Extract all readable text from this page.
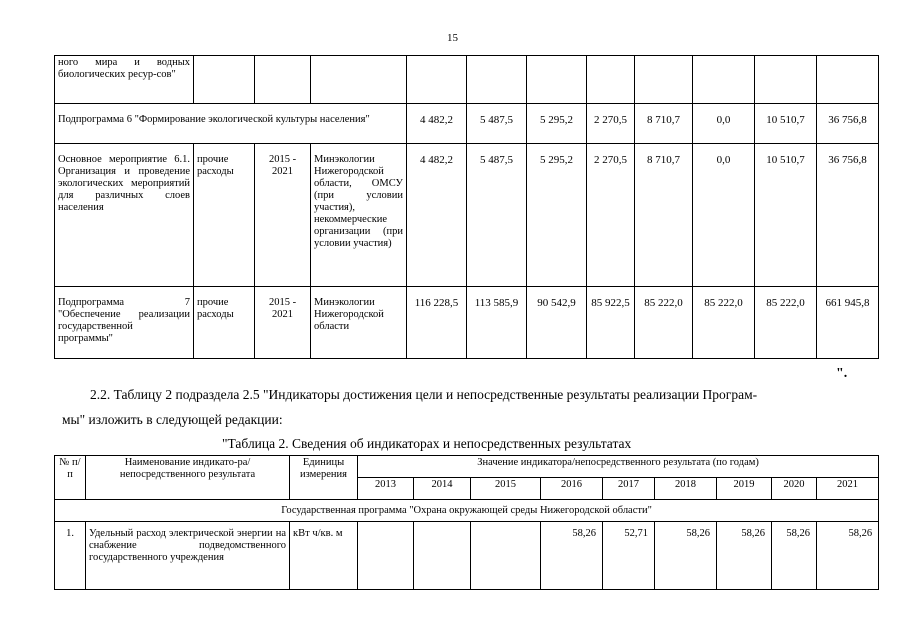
15
ного мира и водных биологических ресур-сов"											
Подпрограмма 6 "Формирование экологической культуры населения"				4 482,2	5 487,5	5 295,2	2 270,5	8 710,7	0,0	10 510,7	36 756,8
Основное мероприятие 6.1. Организация и проведение экологических мероприятий для различных слоев населения	прочие расходы	2015 - 2021	Минэкологии Нижегородской области, ОМСУ (при условии участия), некоммерческие организации (при условии участия)	4 482,2	5 487,5	5 295,2	2 270,5	8 710,7	0,0	10 510,7	36 756,8
Подпрограмма 7 "Обеспечение реализации государственной программы"	прочие расходы	2015 - 2021	Минэкологии Нижегородской области	116 228,5	113 585,9	90 542,9	85 922,5	85 222,0	85 222,0	85 222,0	661 945,8
".
2.2. Таблицу 2 подраздела 2.5 "Индикаторы достижения цели и непосредственные результаты реализации Програм-
мы" изложить в следующей редакции:
"Таблица 2. Сведения об индикаторах и непосредственных результатах
№ п/п	Наименование индикато-ра/непосредственного результата	Единицы измерения	Значение индикатора/непосредственного результата (по годам)								
			2013	2014	2015	2016	2017	2018	2019	2020	2021
Государственная программа "Охрана окружающей среды Нижегородской области"											
1.	Удельный расход электрической энергии на снабжение подведомственного государственного учреждения	кВт ч/кв. м				58,26	52,71	58,26	58,26	58,26	58,26
